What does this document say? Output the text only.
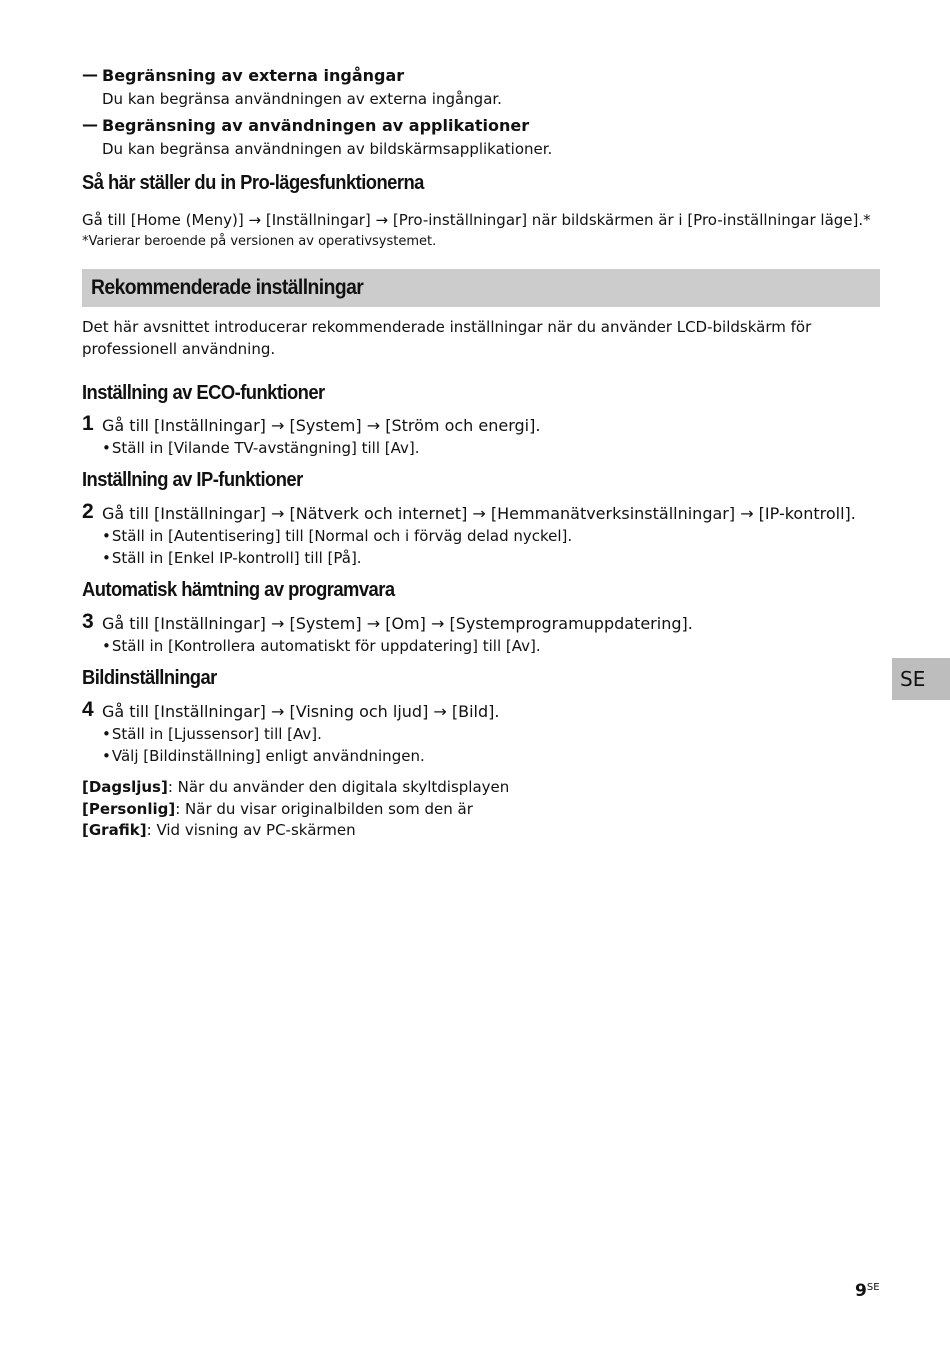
— Begränsning av externa ingångar
Du kan begränsa användningen av externa ingångar.
— Begränsning av användningen av applikationer
Du kan begränsa användningen av bildskärmsapplikationer.
Så här ställer du in Pro-lägesfunktionerna

Gå till [Home (Meny)] → [Inställningar] → [Pro-inställningar] när bildskärmen är i [Pro-inställningar läge].*

*Varierar beroende på versionen av operativsystemet.

Rekommenderade inställningar

Det här avsnittet introducerar rekommenderade inställningar när du använder LCD-bildskärm för professionell användning.

Inställning av ECO-funktioner
1 Gå till [Inställningar] → [System] → [Ström och energi].
• Ställ in [Vilande TV-avstängning] till [Av].
Inställning av IP-funktioner
2 Gå till [Inställningar] → [Nätverk och internet] → [Hemmanätverksinställningar] → [IP-kontroll].
• Ställ in [Autentisering] till [Normal och i förväg delad nyckel].
• Ställ in [Enkel IP-kontroll] till [På].
Automatisk hämtning av programvara
3 Gå till [Inställningar] → [System] → [Om] → [Systemprogramuppdatering].
• Ställ in [Kontrollera automatiskt för uppdatering] till [Av].
Bildinställningar
4 Gå till [Inställningar] → [Visning och ljud] → [Bild].
• Ställ in [Ljussensor] till [Av].
• Välj [Bildinställning] enligt användningen.
[Dagsljus]: När du använder den digitala skyltdisplayen
[Personlig]: När du visar originalbilden som den är
[Grafik]: Vid visning av PC-skärmen
SE
$9^{SE}$
